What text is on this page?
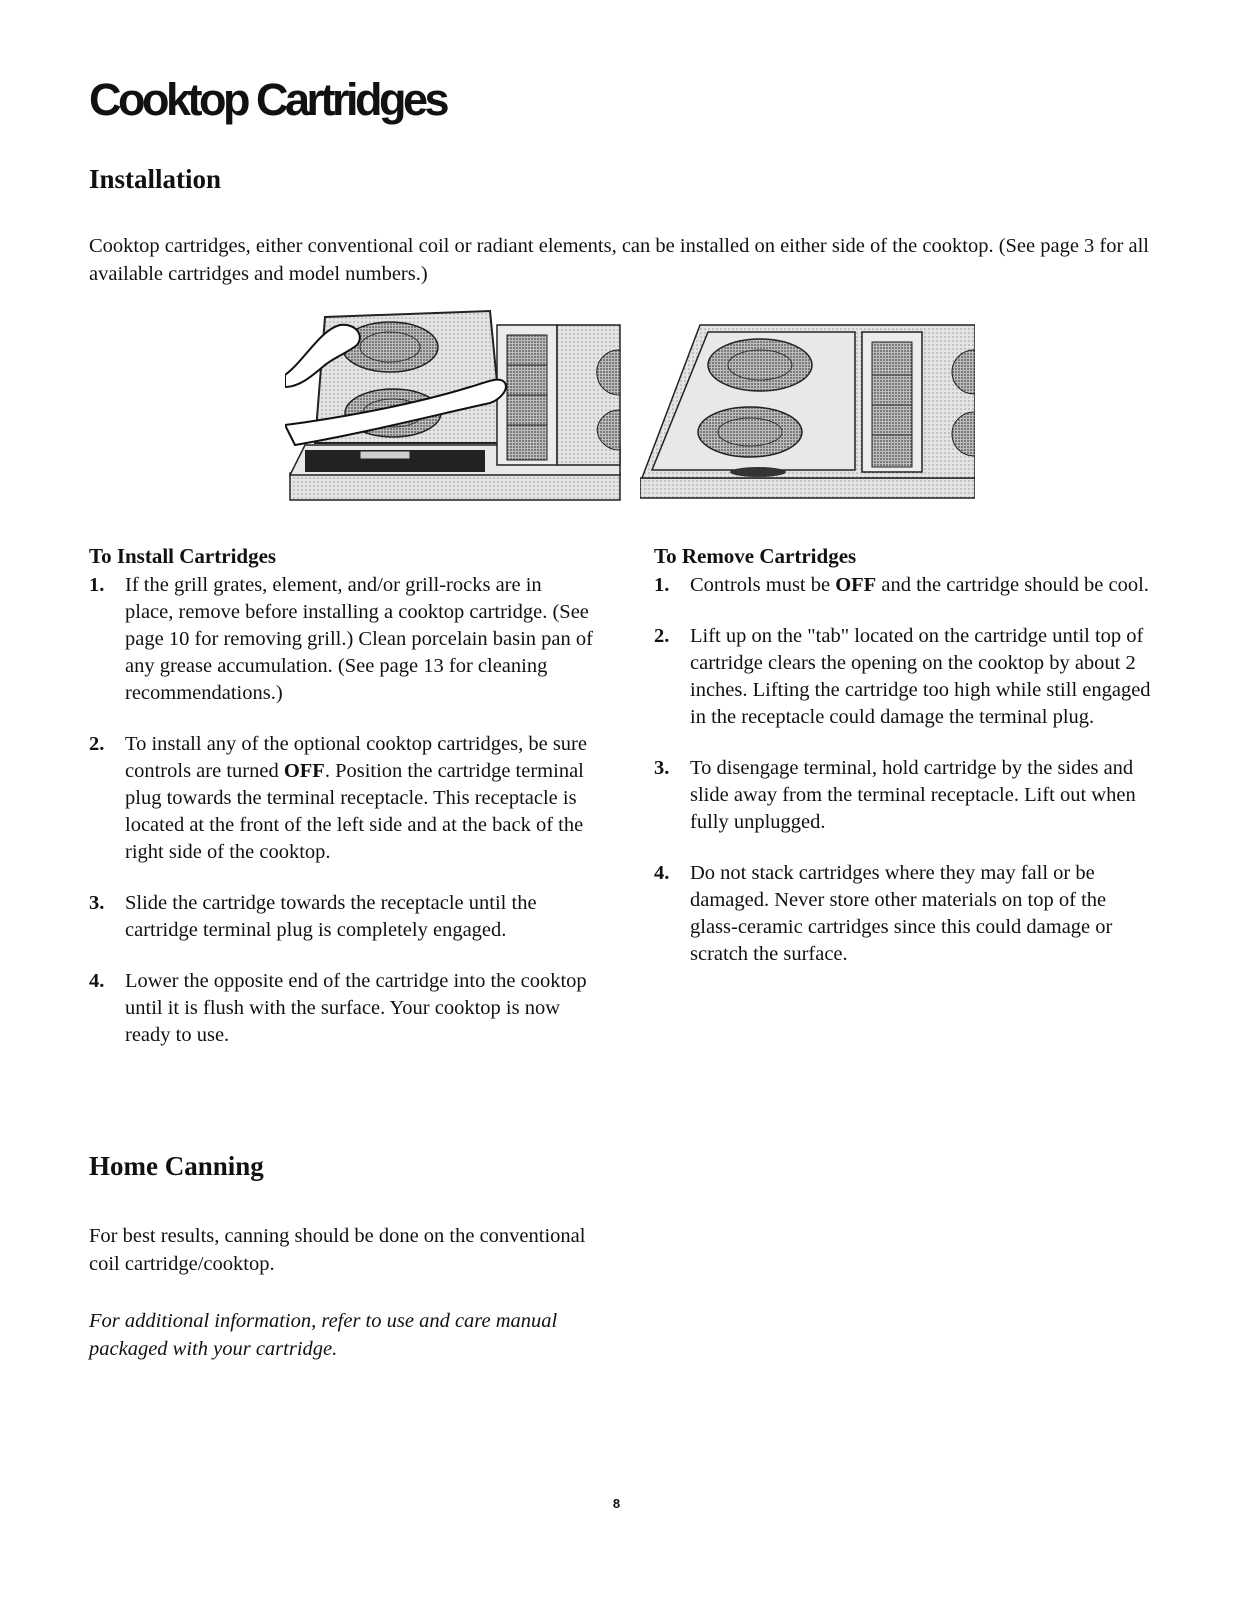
Cooktop Cartridges
Installation

Cooktop cartridges, either conventional coil or radiant elements, can be installed on either side of the cooktop. (See page 3 for all available cartridges and model numbers.)

To Install Cartridges
1. If the grill grates, element, and/or grill-rocks are in place, remove before installing a cooktop cartridge. (See page 10 for removing grill.) Clean porcelain basin pan of any grease accumulation. (See page 13 for cleaning recommendations.)
2. To install any of the optional cooktop cartridges, be sure controls are turned OFF. Position the cartridge terminal plug towards the terminal receptacle. This receptacle is located at the front of the left side and at the back of the right side of the cooktop.
3. Slide the cartridge towards the receptacle until the cartridge terminal plug is completely engaged.
4. Lower the opposite end of the cartridge into the cooktop until it is flush with the surface. Your cooktop is now ready to use.
To Remove Cartridges
1. Controls must be OFF and the cartridge should be cool.
2. Lift up on the "tab" located on the cartridge until top of cartridge clears the opening on the cooktop by about 2 inches. Lifting the cartridge too high while still engaged in the receptacle could damage the terminal plug.
3. To disengage terminal, hold cartridge by the sides and slide away from the terminal receptacle. Lift out when fully unplugged.
4. Do not stack cartridges where they may fall or be damaged. Never store other materials on top of the glass-ceramic cartridges since this could damage or scratch the surface.
Home Canning

For best results, canning should be done on the conventional coil cartridge/cooktop.

For additional information, refer to use and care manual packaged with your cartridge.

8
